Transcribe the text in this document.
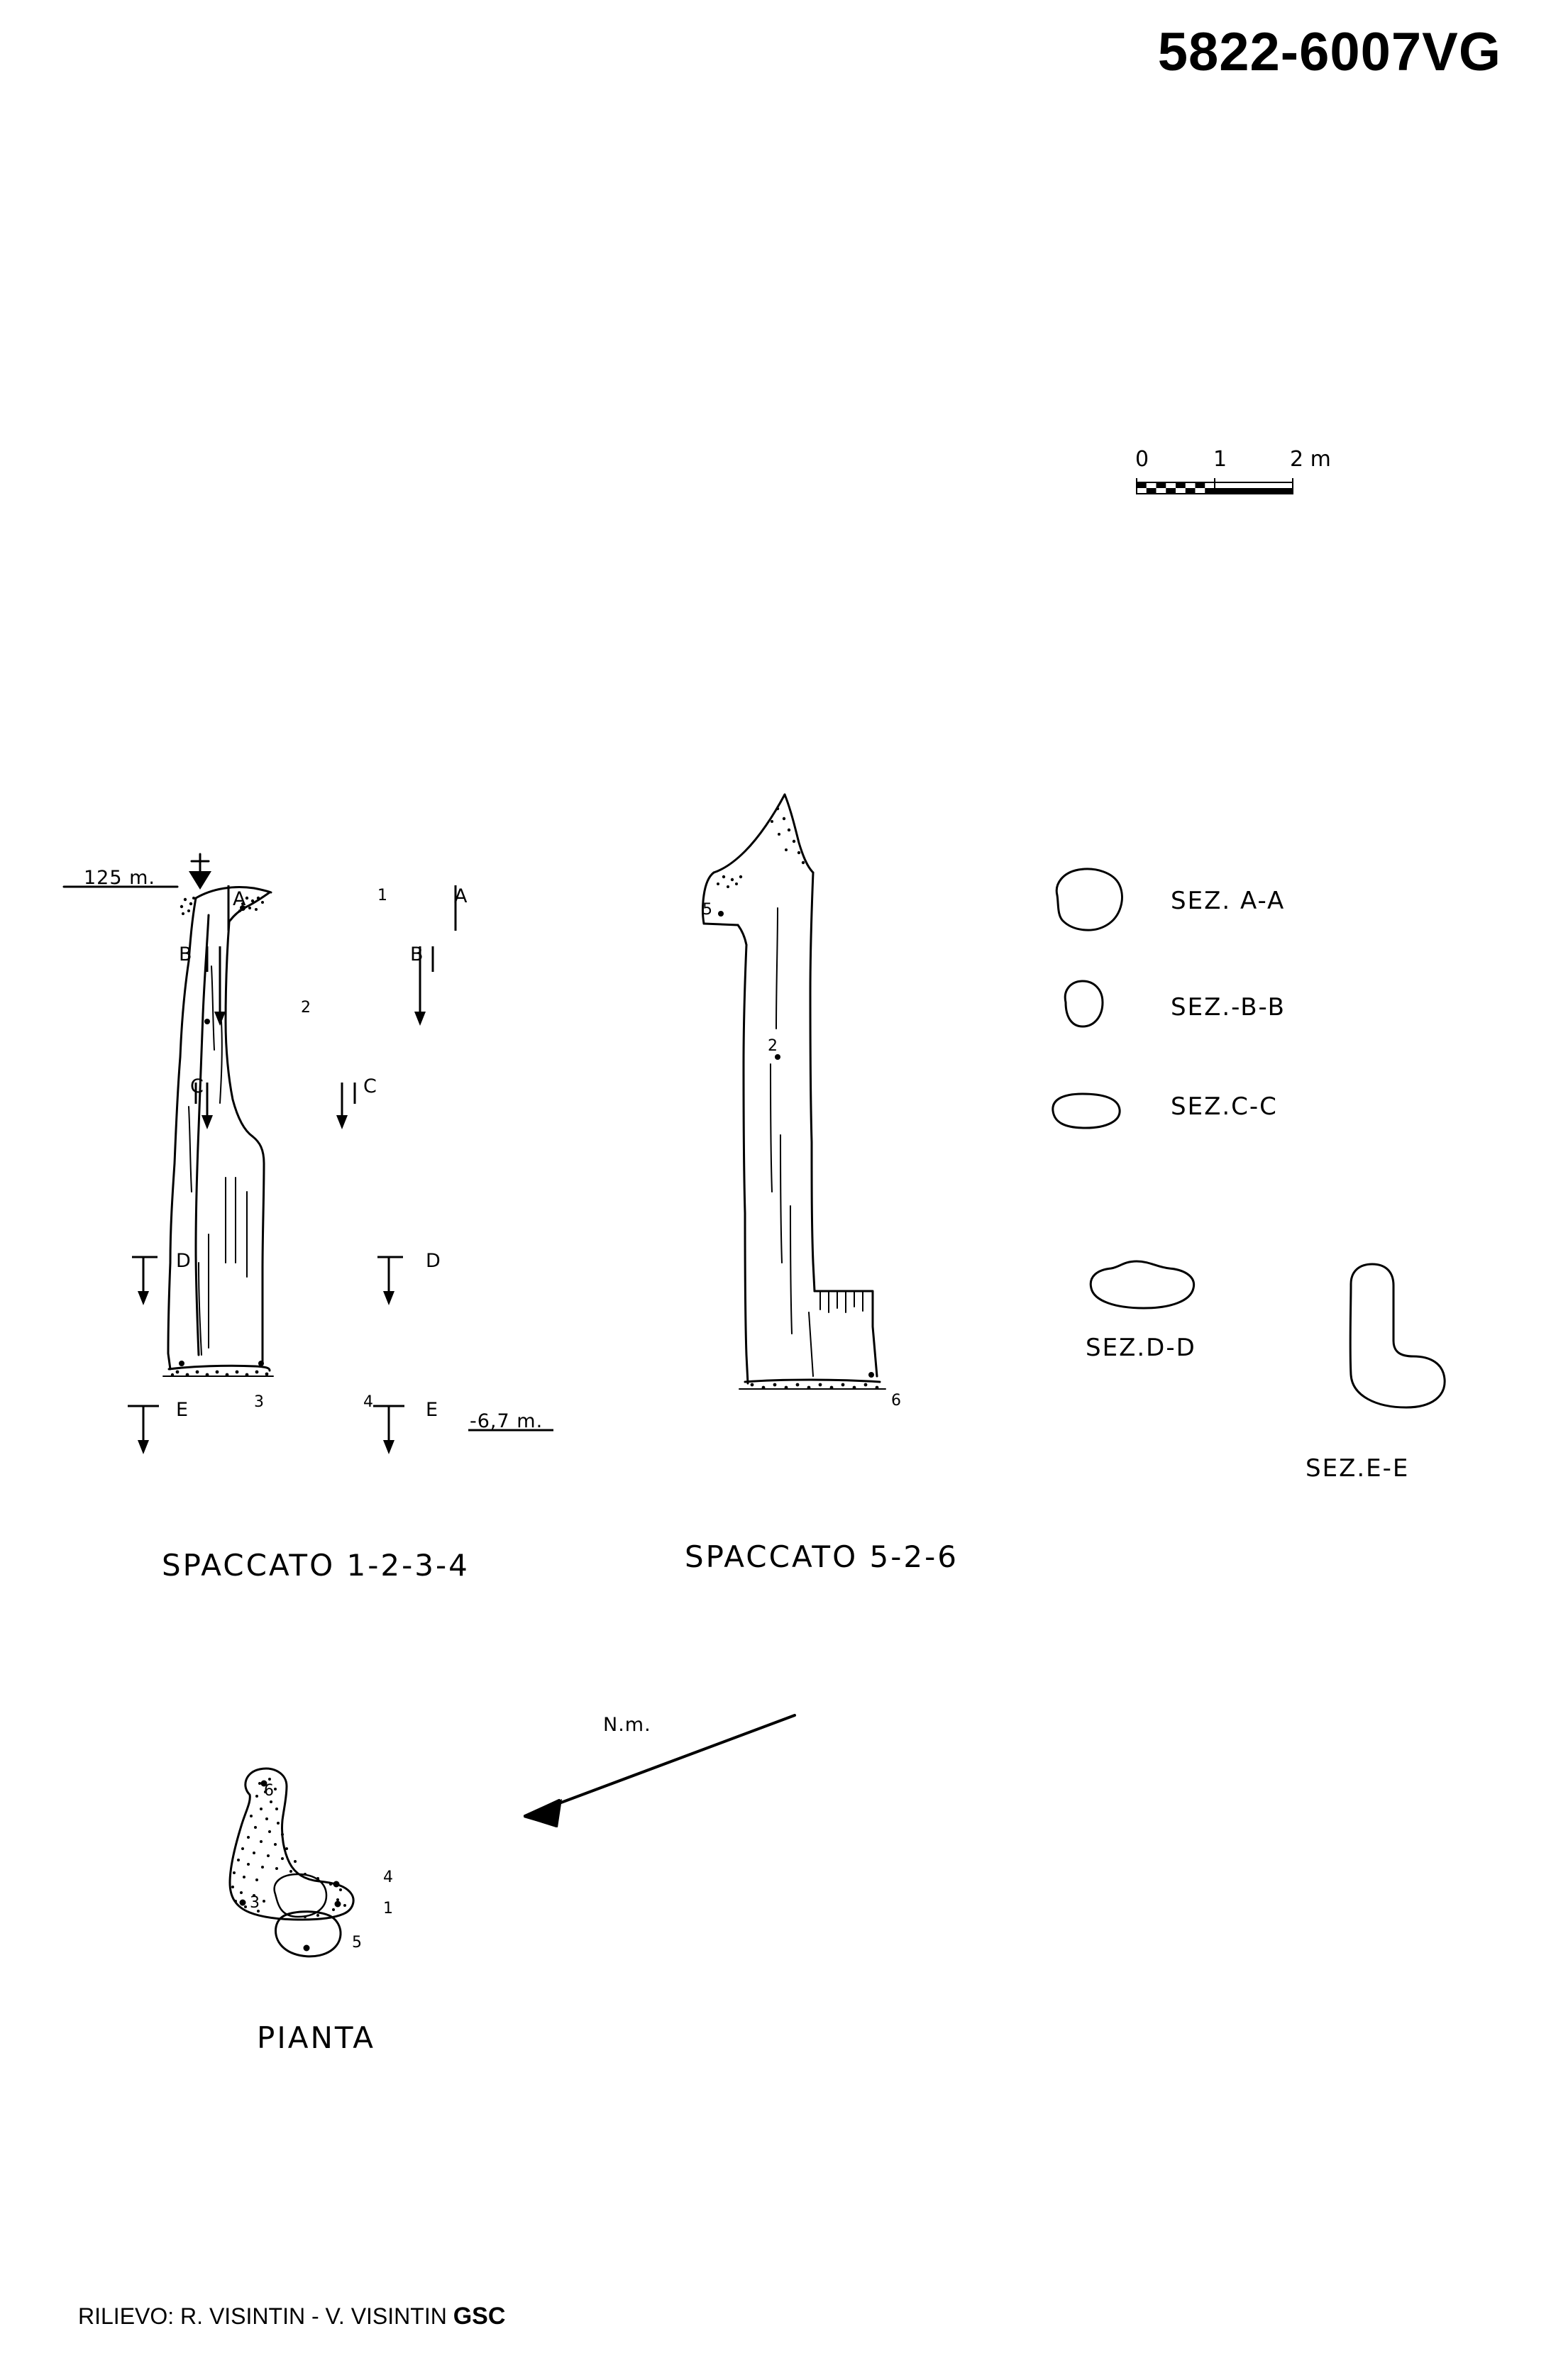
5822-6007VG
0	1	2 m
125 m.
A
B
C
D
E
A
B
C
D
E
-6,7 m.
1
2
3	4
SPACCATO 1-2-3-4
5
2
6
SPACCATO 5-2-6
SEZ. A-A
SEZ.-B-B
SEZ.C-C
SEZ.D-D
SEZ.E-E
6
3
4
1
5
PIANTA
N.m.
RILIEVO: R. VISINTIN - V. VISINTIN GSC
